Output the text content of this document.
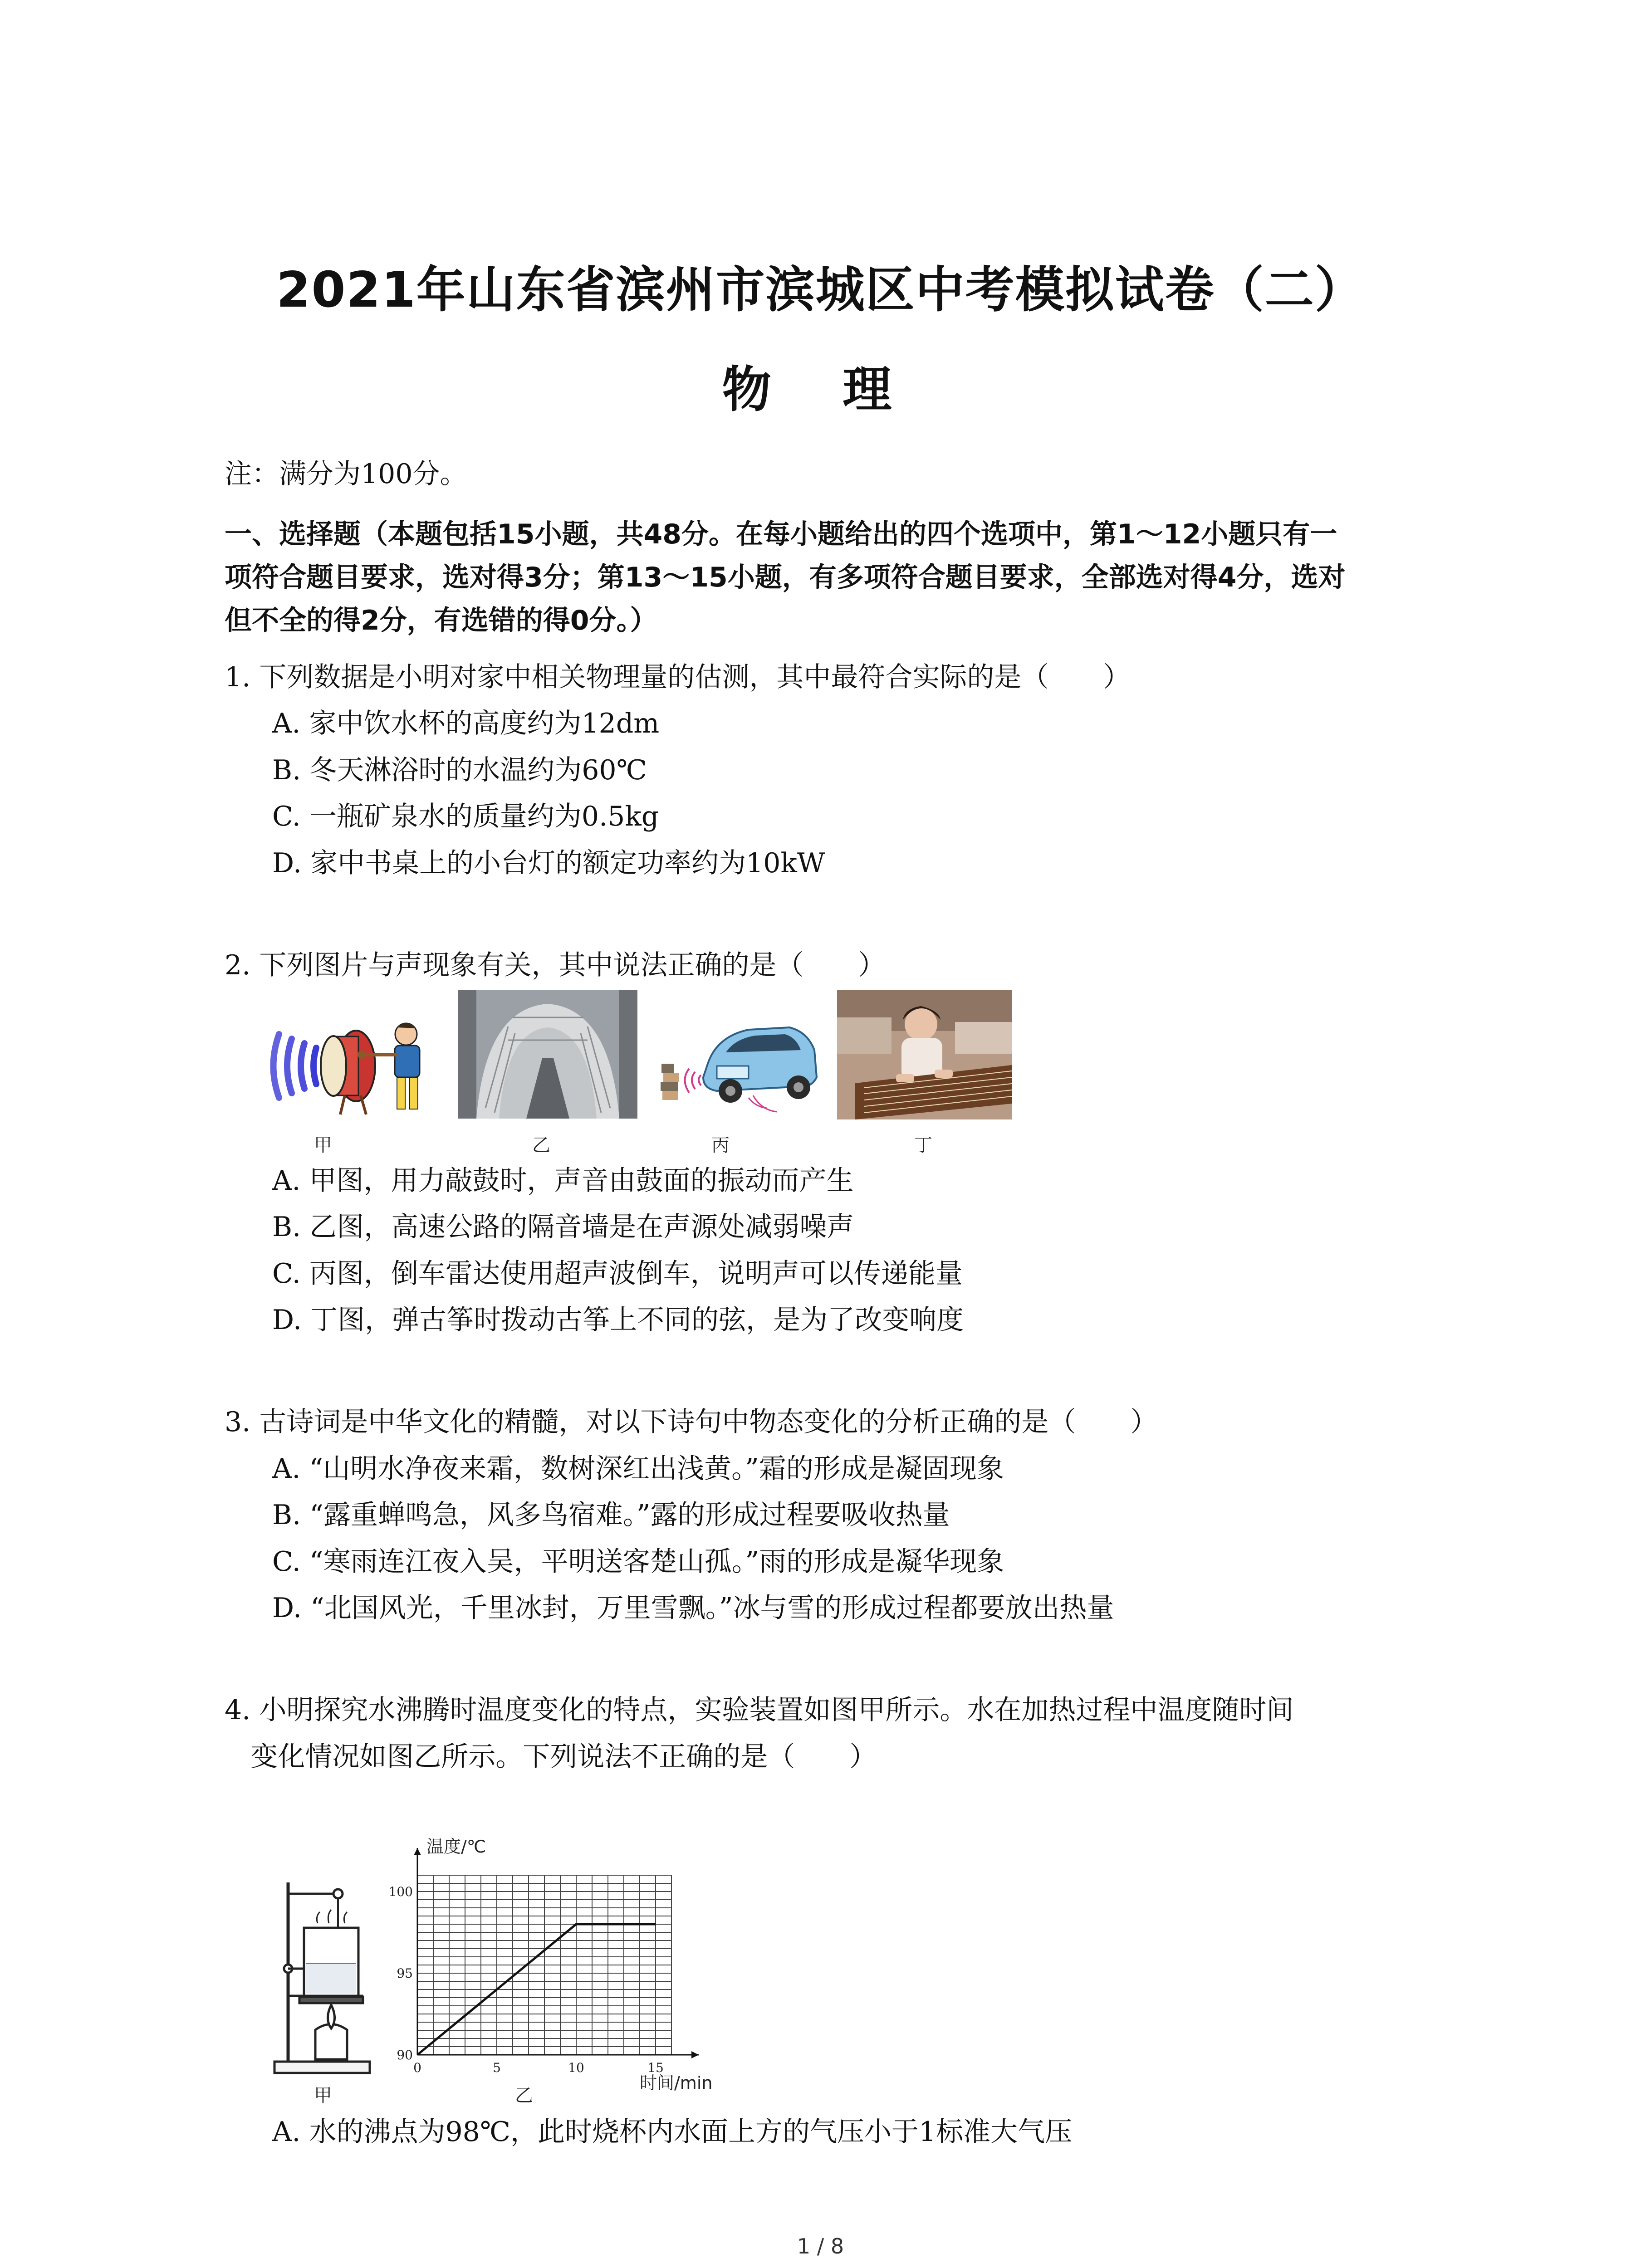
2021年山东省滨州市滨城区中考模拟试卷（二）
物 理
注：满分为100分。
一、选择题（本题包括15小题，共48分。在每小题给出的四个选项中，第1～12小题只有一
项符合题目要求，选对得3分；第13～15小题，有多项符合题目要求，全部选对得4分，选对
但不全的得2分，有选错的得0分。）
1. 下列数据是小明对家中相关物理量的估测，其中最符合实际的是（　　）
A. 家中饮水杯的高度约为12dm
B. 冬天淋浴时的水温约为60℃
C. 一瓶矿泉水的质量约为0.5kg
D. 家中书桌上的小台灯的额定功率约为10kW
2. 下列图片与声现象有关，其中说法正确的是（　　）
甲	乙	丙	丁
A. 甲图，用力敲鼓时，声音由鼓面的振动而产生
B. 乙图，高速公路的隔音墙是在声源处减弱噪声
C. 丙图，倒车雷达使用超声波倒车，说明声可以传递能量
D. 丁图，弹古筝时拨动古筝上不同的弦，是为了改变响度
3. 古诗词是中华文化的精髓，对以下诗句中物态变化的分析正确的是（　　）
A. “山明水净夜来霜，数树深红出浅黄。”霜的形成是凝固现象
B. “露重蝉鸣急，风多鸟宿难。”露的形成过程要吸收热量
C. “寒雨连江夜入吴，平明送客楚山孤。”雨的形成是凝华现象
D. “北国风光，千里冰封，万里雪飘。”冰与雪的形成过程都要放出热量
4. 小明探究水沸腾时温度变化的特点，实验装置如图甲所示。水在加热过程中温度随时间
变化情况如图乙所示。下列说法不正确的是（　　）
0	5	10	15
90
95
100
温度/℃
时间/min
甲	乙
A. 水的沸点为98℃，此时烧杯内水面上方的气压小于1标准大气压
1 / 8
